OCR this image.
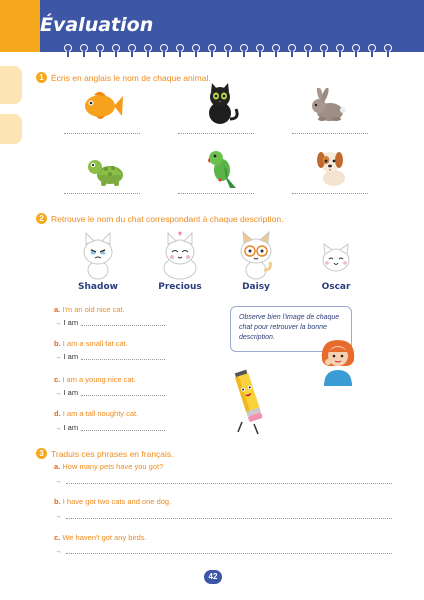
Évaluation
1 Écris en anglais le nom de chaque animal.
2 Retrouve le nom du chat correspondant à chaque description.
Shadow	Precious	Daisy	Oscar
a. I'm an old nice cat.
→ I am
b. I am a small fat cat.
→ I am
c. I am a young nice cat.
→ I am
d. I am a tall noughty cat.
→ I am
Observe bien l'image de chaque chat pour retrouver la bonne description.
3 Traduis ces phrases en français.
a. How many pets have you got?
→
b. I have got two cats and one dog.
→
c. We haven't got any birds.
→
42
